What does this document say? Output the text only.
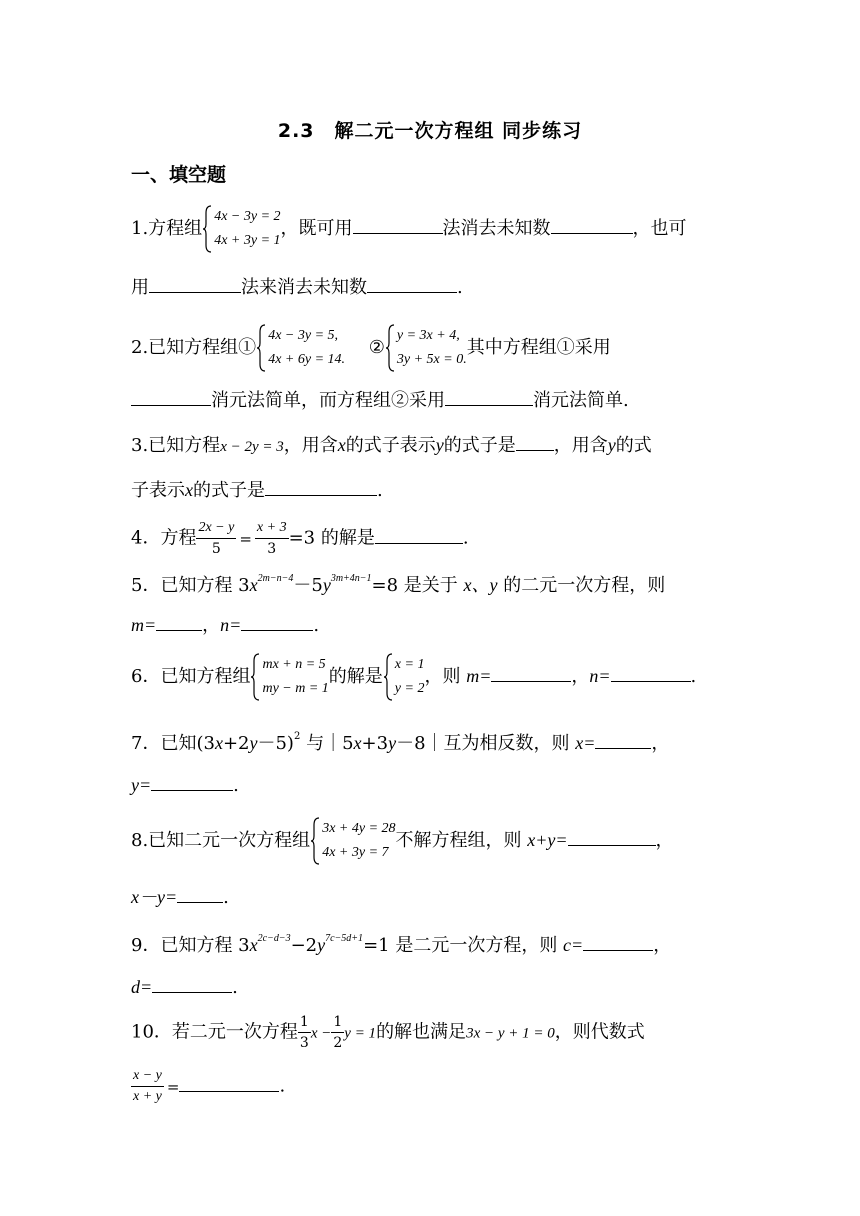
2.3　解二元一次方程组 同步练习
一、填空题
1.方程组
4x − 3y = 2
4x + 3y = 1
，既可用	法消去未知数	，也可
用	法来消去未知数	.
2.已知方程组①
4x − 3y = 5,
4x + 6y = 14.
②
y = 3x + 4,
3y + 5x = 0.
其中方程组①采用
消元法简单，而方程组②采用	消元法简单.
3.已知方程x − 2y = 3，用含x的式子表示y的式子是 ，用含y的式
子表示x的式子是	.
4．方程 $\frac{2x - y}{5} = \frac{x + 3}{3} =3$ 的解是	.
5．已知方程 $3x^{2m-n-4}-5y^{3m+4n-1}=8$ 是关于 x、y 的二元一次方程，则
m=	，n=	.
6．已知方程组
mx + n = 5
my − m = 1
的解是
x = 1
y = 2
，则 m=	，n=	.
7．已知$(3x+2y-5)^2$ 与｜5x+3y－8｜互为相反数，则 x=	，
y=	.
8.已知二元一次方程组
3x + 4y = 28
4x + 3y = 7
不解方程组，则 x+y=	，
x－y=	.
9．已知方程 $3x^{2c-d-3}-2y^{7c-5d+1}=1$ 是二元一次方程，则 c=	，
d=	.
10．若二元一次方程 $\frac{1}{3}$ $x - \frac{1}{2}$ y = 1的解也满足3x − y + 1 = 0，则代数式
$\frac{x - y}{x + y}$ =	.
